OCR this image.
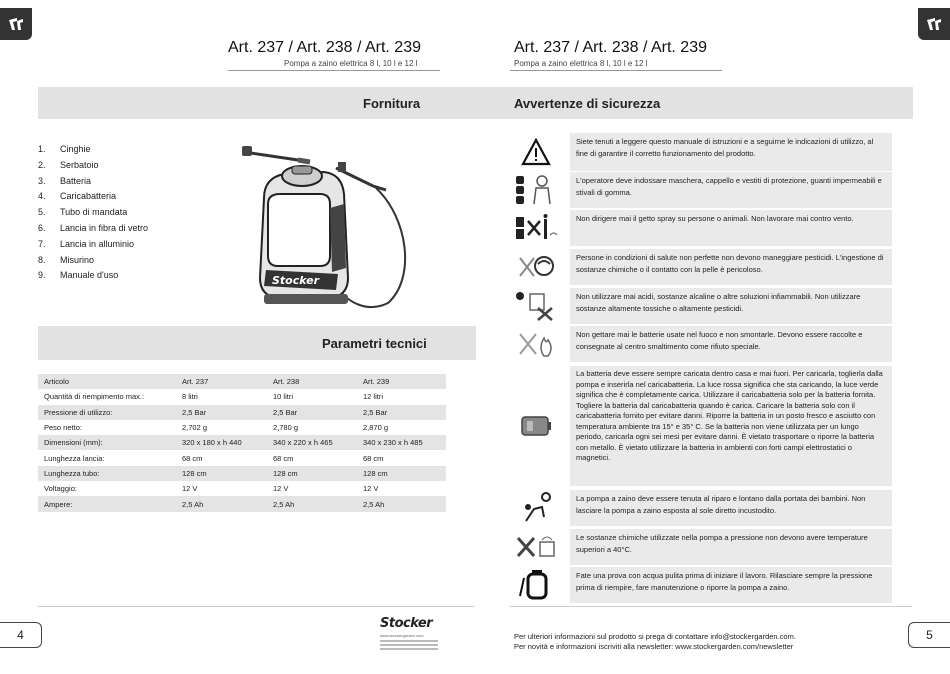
Art. 237 / Art. 238 / Art. 239
Pompa a zaino elettrica 8 l, 10 l e 12 l
Art. 237 / Art. 238 / Art. 239
Pompa a zaino elettrica 8 l, 10 l e 12 l
Fornitura	Avvertenze di sicurezza
1.	Cinghie
2.	Serbatoio
3.	Batteria
4.	Caricabatteria
5.	Tubo di mandata
6.	Lancia in fibra di vetro
7.	Lancia in alluminio
8.	Misurino
9.	Manuale d'uso	Stocker
Parametri tecnici
Articolo	Art. 237	Art. 238	Art. 239
Quantità di riempimento max.:	8 litri	10 litri	12 litri
Pressione di utilizzo:	2,5 Bar	2,5 Bar	2,5 Bar
Peso netto:	2,702 g	2,780 g	2,870 g
Dimensioni (mm):	320 x 180 x h 440	340 x 220 x h 465	340 x 230 x h 485
Lunghezza lancia:	68 cm	68 cm	68 cm
Lunghezza tubo:	128 cm	128 cm	128 cm
Voltaggio:	12 V	12 V	12 V
Ampere:	2,5 Ah	2,5 Ah	2,5 Ah
Siete tenuti a leggere questo manuale di istruzioni e a seguirne le indicazioni di utilizzo, al fine di garantire il corretto funzionamento del prodotto.
L'operatore deve indossare maschera, cappello e vestiti di protezione, guanti impermeabili e stivali di gomma.
Non dirigere mai il getto spray su persone o animali. Non lavorare mai contro vento.
Persone in condizioni di salute non perfette non devono maneggiare pesticidi. L'ingestione di sostanze chimiche o il contatto con la pelle è pericoloso.
Non utilizzare mai acidi, sostanze alcaline o altre soluzioni infiammabili. Non utilizzare sostanze altamente tossiche o altamente pesticidi.
Non gettare mai le batterie usate nel fuoco e non smontarle. Devono essere raccolte e consegnate al centro smaltimento come rifiuto speciale.
La batteria deve essere sempre caricata dentro casa e mai fuori. Per caricarla, toglierla dalla pompa e inserirla nel caricabatteria. La luce rossa significa che sta caricando, la luce verde significa che è completamente carica. Utilizzare il caricabatteria solo per la batteria fornita. Togliere la batteria dal caricabatteria quando è carica. Caricare la batteria solo con il caricabatteria fornito per evitare danni. Riporre la batteria in un posto fresco e asciutto con temperatura ambiente tra 15° e 35° C. Se la batteria non viene utilizzata per un lungo periodo, caricarla ogni sei mesi per evitare danni. È vietato trasportare o riporre la batteria con metallo. È vietato utilizzare la batteria in ambienti con forti campi elettrostatici o magnetici.
La pompa a zaino deve essere tenuta al riparo e lontano dalla portata dei bambini. Non lasciare la pompa a zaino esposta al sole diretto incustodito.
Le sostanze chimiche utilizzate nella pompa a pressione non devono avere temperature superiori a 40°C.
Fate una prova con acqua pulita prima di iniziare il lavoro. Rilasciare sempre la pressione prima di riempire, fare manutenzione o riporre la pompa a zaino.
4	5
Stocker
www.stockergarden.com	Per ulteriori informazioni sul prodotto si prega di contattare info@stockergarden.com.
Per novità e informazioni iscriviti alla newsletter: www.stockergarden.com/newsletter
